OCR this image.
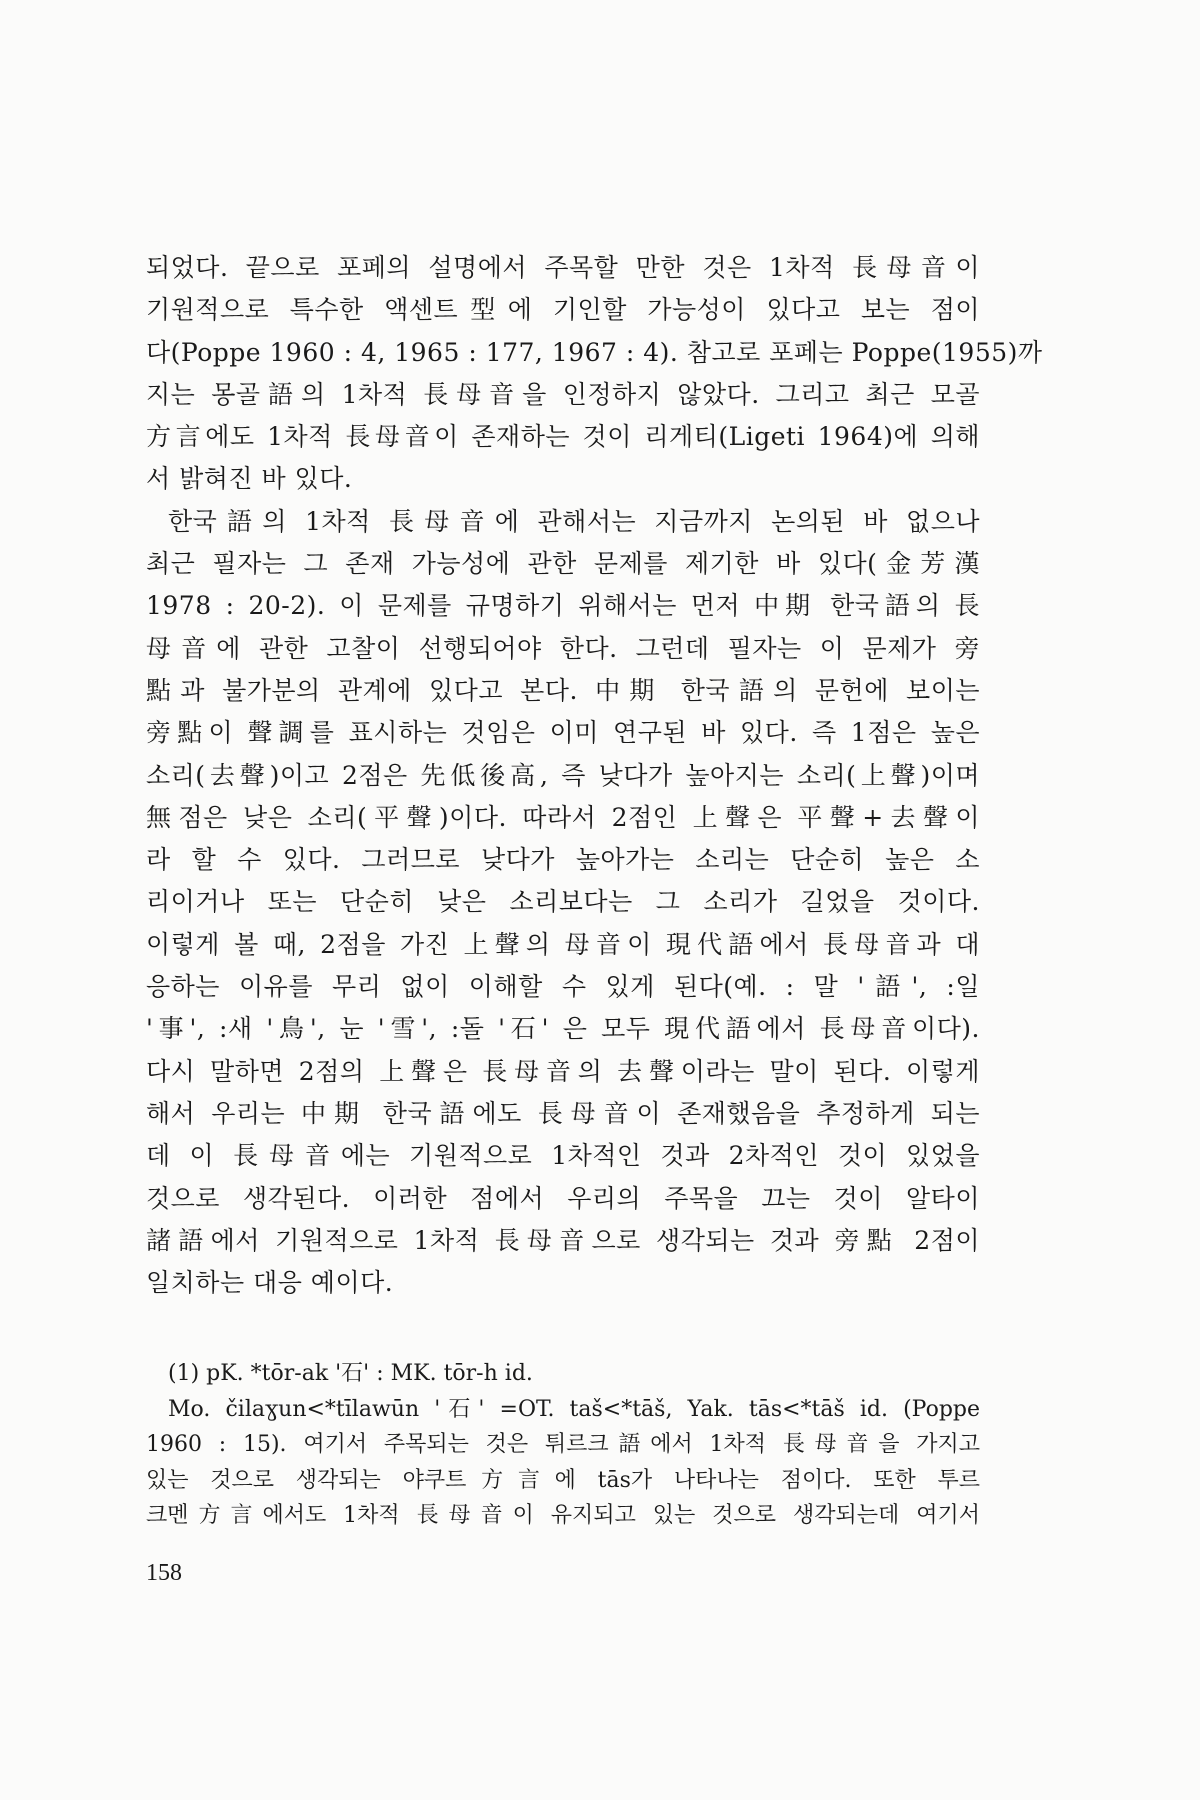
되었다. 끝으로 포페의 설명에서 주목할 만한 것은 1차적 長母音이
기원적으로 특수한 액센트型에 기인할 가능성이 있다고 보는 점이
다(Poppe 1960 : 4, 1965 : 177, 1967 : 4). 참고로 포페는 Poppe(1955)까
지는 몽골語의 1차적 長母音을 인정하지 않았다. 그리고 최근 모골
方言에도 1차적 長母音이 존재하는 것이 리게티(Ligeti 1964)에 의해
서 밝혀진 바 있다.
한국語의 1차적 長母音에 관해서는 지금까지 논의된 바 없으나
최근 필자는 그 존재 가능성에 관한 문제를 제기한 바 있다(金芳漢
1978 : 20-2). 이 문제를 규명하기 위해서는 먼저 中期 한국語의 長
母音에 관한 고찰이 선행되어야 한다. 그런데 필자는 이 문제가 旁
點과 불가분의 관계에 있다고 본다. 中期 한국語의 문헌에 보이는
旁點이 聲調를 표시하는 것임은 이미 연구된 바 있다. 즉 1점은 높은
소리(去聲)이고 2점은 先低後高, 즉 낮다가 높아지는 소리(上聲)이며
無점은 낮은 소리(平聲)이다. 따라서 2점인 上聲은 平聲+去聲이
라 할 수 있다. 그러므로 낮다가 높아가는 소리는 단순히 높은 소
리이거나 또는 단순히 낮은 소리보다는 그 소리가 길었을 것이다.
이렇게 볼 때, 2점을 가진 上聲의 母音이 現代語에서 長母音과 대
응하는 이유를 무리 없이 이해할 수 있게 된다(예. : 말 '語', :일
'事', :새 '鳥', 눈 '雪', :돌 '石' 은 모두 現代語에서 長母音이다).
다시 말하면 2점의 上聲은 長母音의 去聲이라는 말이 된다. 이렇게
해서 우리는 中期 한국語에도 長母音이 존재했음을 추정하게 되는
데 이 長母音에는 기원적으로 1차적인 것과 2차적인 것이 있었을
것으로 생각된다. 이러한 점에서 우리의 주목을 끄는 것이 알타이
諸語에서 기원적으로 1차적 長母音으로 생각되는 것과 旁點 2점이
일치하는 대응 예이다.
(1) pK. *tōr-ak '石' : MK. tōr-h id.
Mo. čilaɣun<*tīlawūn '石' =OT. taš<*tāš, Yak. tās<*tāš id. (Poppe
1960 : 15). 여기서 주목되는 것은 튀르크語에서 1차적 長母音을 가지고
있는 것으로 생각되는 야쿠트方言에 tās가 나타나는 점이다. 또한 투르
크멘方言에서도 1차적 長母音이 유지되고 있는 것으로 생각되는데 여기서
158
